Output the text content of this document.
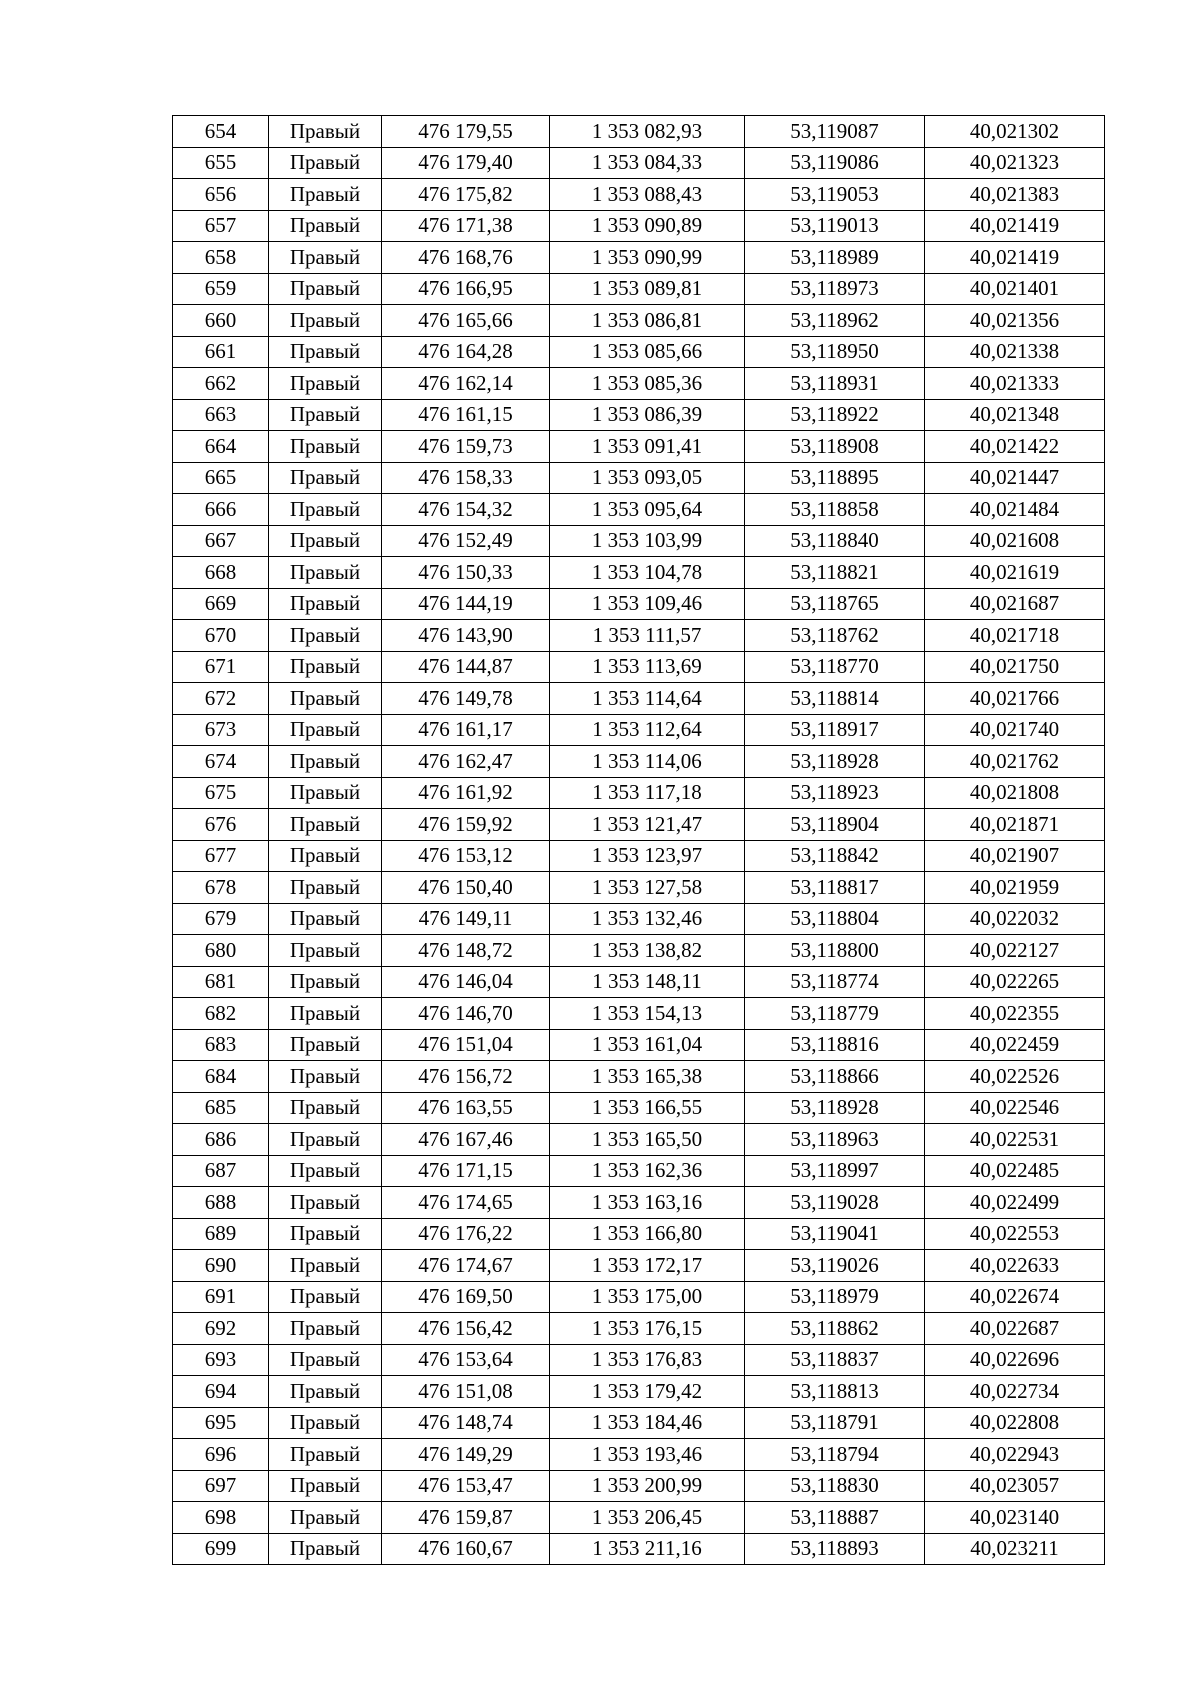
654	Правый	476 179,55	1 353 082,93	53,119087	40,021302
655	Правый	476 179,40	1 353 084,33	53,119086	40,021323
656	Правый	476 175,82	1 353 088,43	53,119053	40,021383
657	Правый	476 171,38	1 353 090,89	53,119013	40,021419
658	Правый	476 168,76	1 353 090,99	53,118989	40,021419
659	Правый	476 166,95	1 353 089,81	53,118973	40,021401
660	Правый	476 165,66	1 353 086,81	53,118962	40,021356
661	Правый	476 164,28	1 353 085,66	53,118950	40,021338
662	Правый	476 162,14	1 353 085,36	53,118931	40,021333
663	Правый	476 161,15	1 353 086,39	53,118922	40,021348
664	Правый	476 159,73	1 353 091,41	53,118908	40,021422
665	Правый	476 158,33	1 353 093,05	53,118895	40,021447
666	Правый	476 154,32	1 353 095,64	53,118858	40,021484
667	Правый	476 152,49	1 353 103,99	53,118840	40,021608
668	Правый	476 150,33	1 353 104,78	53,118821	40,021619
669	Правый	476 144,19	1 353 109,46	53,118765	40,021687
670	Правый	476 143,90	1 353 111,57	53,118762	40,021718
671	Правый	476 144,87	1 353 113,69	53,118770	40,021750
672	Правый	476 149,78	1 353 114,64	53,118814	40,021766
673	Правый	476 161,17	1 353 112,64	53,118917	40,021740
674	Правый	476 162,47	1 353 114,06	53,118928	40,021762
675	Правый	476 161,92	1 353 117,18	53,118923	40,021808
676	Правый	476 159,92	1 353 121,47	53,118904	40,021871
677	Правый	476 153,12	1 353 123,97	53,118842	40,021907
678	Правый	476 150,40	1 353 127,58	53,118817	40,021959
679	Правый	476 149,11	1 353 132,46	53,118804	40,022032
680	Правый	476 148,72	1 353 138,82	53,118800	40,022127
681	Правый	476 146,04	1 353 148,11	53,118774	40,022265
682	Правый	476 146,70	1 353 154,13	53,118779	40,022355
683	Правый	476 151,04	1 353 161,04	53,118816	40,022459
684	Правый	476 156,72	1 353 165,38	53,118866	40,022526
685	Правый	476 163,55	1 353 166,55	53,118928	40,022546
686	Правый	476 167,46	1 353 165,50	53,118963	40,022531
687	Правый	476 171,15	1 353 162,36	53,118997	40,022485
688	Правый	476 174,65	1 353 163,16	53,119028	40,022499
689	Правый	476 176,22	1 353 166,80	53,119041	40,022553
690	Правый	476 174,67	1 353 172,17	53,119026	40,022633
691	Правый	476 169,50	1 353 175,00	53,118979	40,022674
692	Правый	476 156,42	1 353 176,15	53,118862	40,022687
693	Правый	476 153,64	1 353 176,83	53,118837	40,022696
694	Правый	476 151,08	1 353 179,42	53,118813	40,022734
695	Правый	476 148,74	1 353 184,46	53,118791	40,022808
696	Правый	476 149,29	1 353 193,46	53,118794	40,022943
697	Правый	476 153,47	1 353 200,99	53,118830	40,023057
698	Правый	476 159,87	1 353 206,45	53,118887	40,023140
699	Правый	476 160,67	1 353 211,16	53,118893	40,023211
